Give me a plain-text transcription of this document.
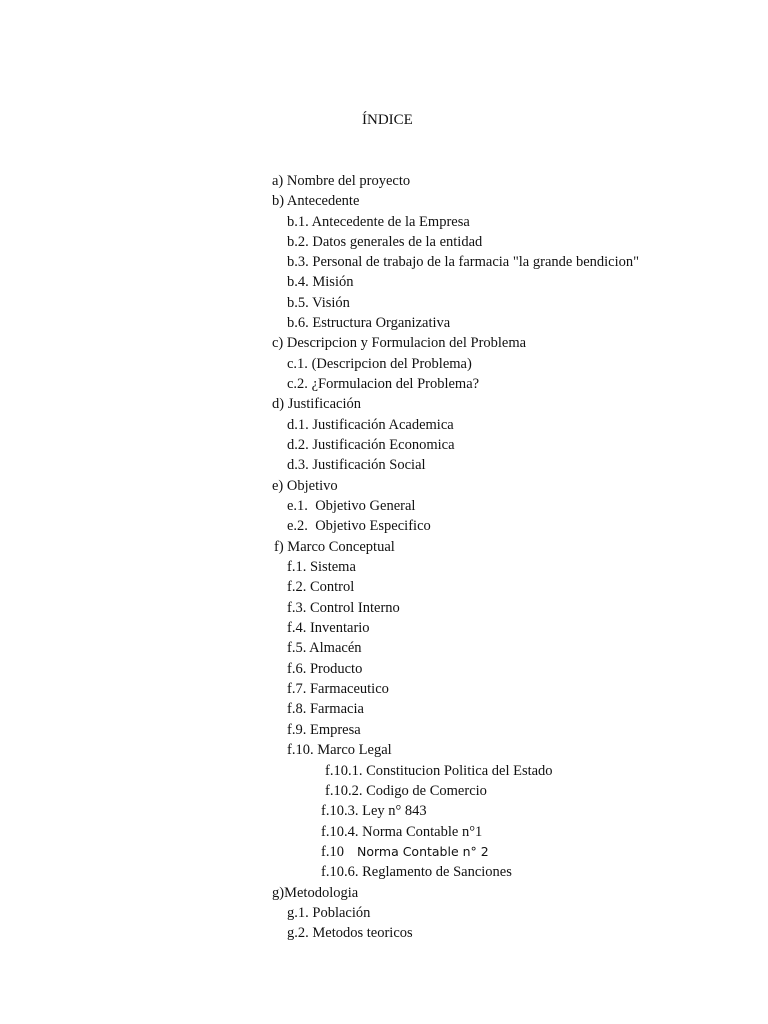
ÍNDICE
a) Nombre del proyecto
b) Antecedente
b.1. Antecedente de la Empresa
b.2. Datos generales de la entidad
b.3. Personal de trabajo de la farmacia "la grande bendicion"
b.4. Misión
b.5. Visión
b.6. Estructura Organizativa
c) Descripcion y Formulacion del Problema
c.1. (Descripcion del Problema)
c.2. ¿Formulacion del Problema?
d) Justificación
d.1. Justificación Academica
d.2. Justificación Economica
d.3. Justificación Social
e) Objetivo
e.1.  Objetivo General
e.2.  Objetivo Especifico
f) Marco Conceptual
f.1. Sistema
f.2. Control
f.3. Control Interno
f.4. Inventario
f.5. Almacén
f.6. Producto
f.7. Farmaceutico
f.8. Farmacia
f.9. Empresa
f.10. Marco Legal
f.10.1. Constitucion Politica del Estado
f.10.2. Codigo de Comercio
f.10.3. Ley n° 843
f.10.4. Norma Contable n°1
f.10 Norma Contable n° 2
f.10.6. Reglamento de Sanciones
g)Metodologia
g.1. Población
g.2. Metodos teoricos
